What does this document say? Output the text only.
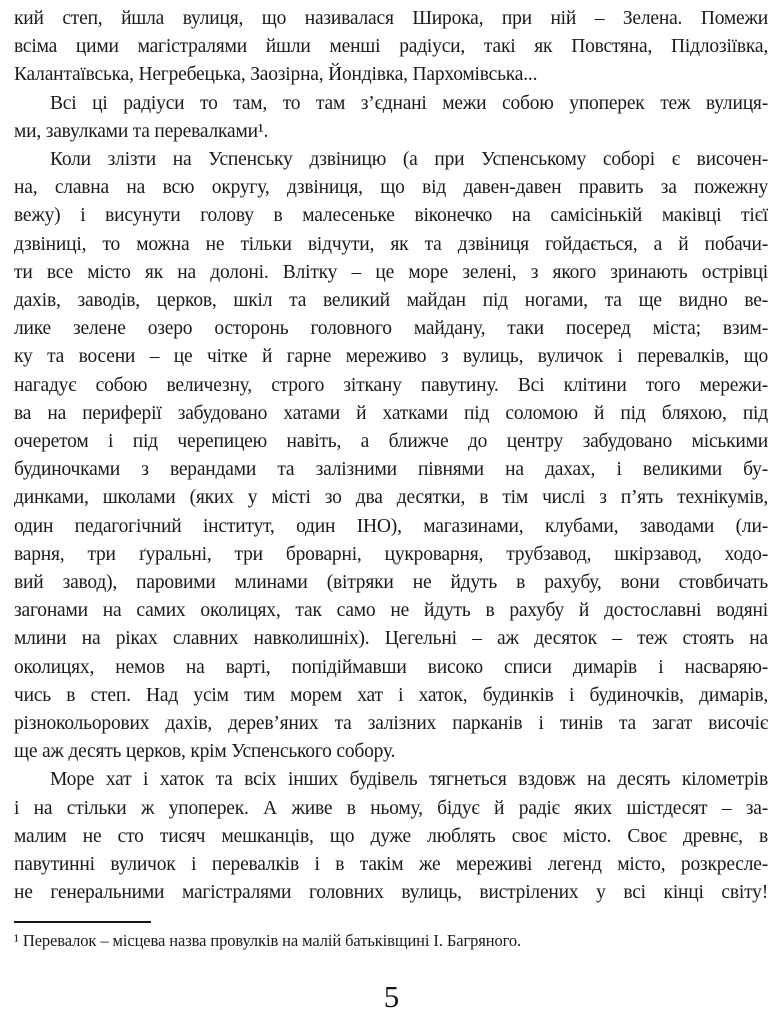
кий степ, йшла вулиця, що називалася Широка, при ній – Зелена. Помежи
всіма цими магістралями йшли менші радіуси, такі як Повстяна, Підлозіївка,
Калантаївська, Негребецька, Заозірна, Йондівка, Пархомівська...
Всі ці радіуси то там, то там з’єднані межи собою упоперек теж вулиця-
ми, завулками та перевалками¹.
Коли злізти на Успенську дзвіницю (а при Успенському соборі є височен-
на, славна на всю округу, дзвіниця, що від давен-давен править за пожежну
вежу) і висунути голову в малесеньке віконечко на самісінькій маківці тієї
дзвіниці, то можна не тільки відчути, як та дзвіниця гойдається, а й побачи-
ти все місто як на долоні. Влітку – це море зелені, з якого зринають острівці
дахів, заводів, церков, шкіл та великий майдан під ногами, та ще видно ве-
лике зелене озеро осторонь головного майдану, таки посеред міста; взим-
ку та восени – це чітке й гарне мереживо з вулиць, вуличок і перевалків, що
нагадує собою величезну, строго зіткану павутину. Всі клітини того мережи-
ва на периферії забудовано хатами й хатками під соломою й під бляхою, під
очеретом і під черепицею навіть, а ближче до центру забудовано міськими
будиночками з верандами та залізними півнями на дахах, і великими бу-
динками, школами (яких у місті зо два десятки, в тім числі з п’ять технікумів,
один педагогічний інститут, один ІНО), магазинами, клубами, заводами (ли-
варня, три ґуральні, три броварні, цукроварня, трубзавод, шкірзавод, ходо-
вий завод), паровими млинами (вітряки не йдуть в рахубу, вони стовбичать
загонами на самих околицях, так само не йдуть в рахубу й достославні водяні
млини на ріках славних навколишніх). Цегельні – аж десяток – теж стоять на
околицях, немов на варті, попідіймавши високо списи димарів і насваряю-
чись в степ. Над усім тим морем хат і хаток, будинків і будиночків, димарів,
різнокольорових дахів, дерев’яних та залізних парканів і тинів та загат височіє
ще аж десять церков, крім Успенського собору.
Море хат і хаток та всіх інших будівель тягнеться вздовж на десять кілометрів
і на стільки ж упоперек. А живе в ньому, бідує й радіє яких шістдесят – за-
малим не сто тисяч мешканців, що дуже люблять своє місто. Своє древнє, в
павутинні вуличок і перевалків і в такім же мереживі легенд місто, розкресле-
не генеральними магістралями головних вулиць, вистрілених у всі кінці світу!
¹ Перевалок – місцева назва провулків на малій батьківщині І. Багряного.
5
